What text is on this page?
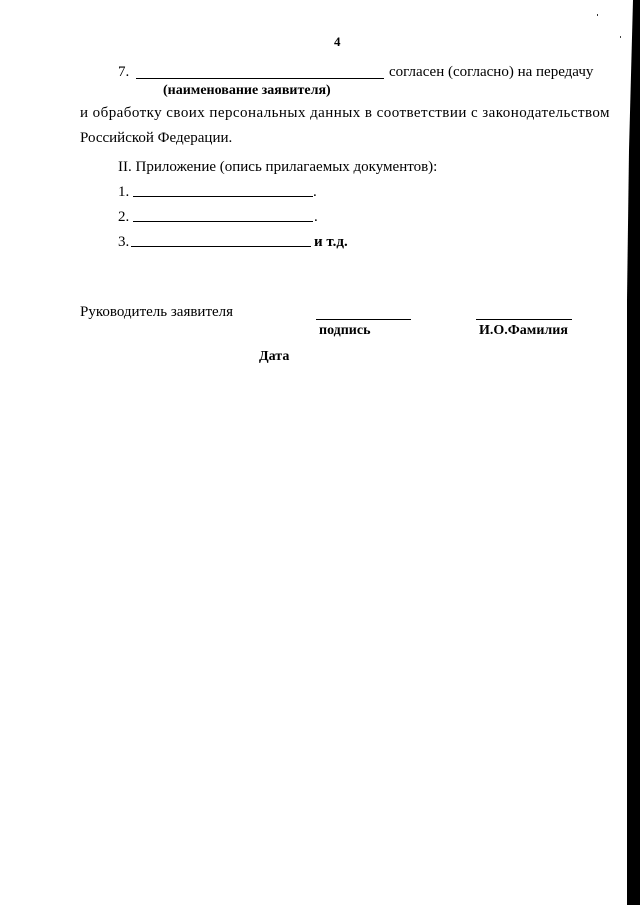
4
7.	согласен (согласно) на передачу
(наименование заявителя)
и обработку своих персональных данных в соответствии с законодательством
Российской Федерации.
II. Приложение (опись прилагаемых документов):
1.	.
2.	.
3.	и т.д.
Руководитель заявителя
подпись	И.О.Фамилия
Дата
